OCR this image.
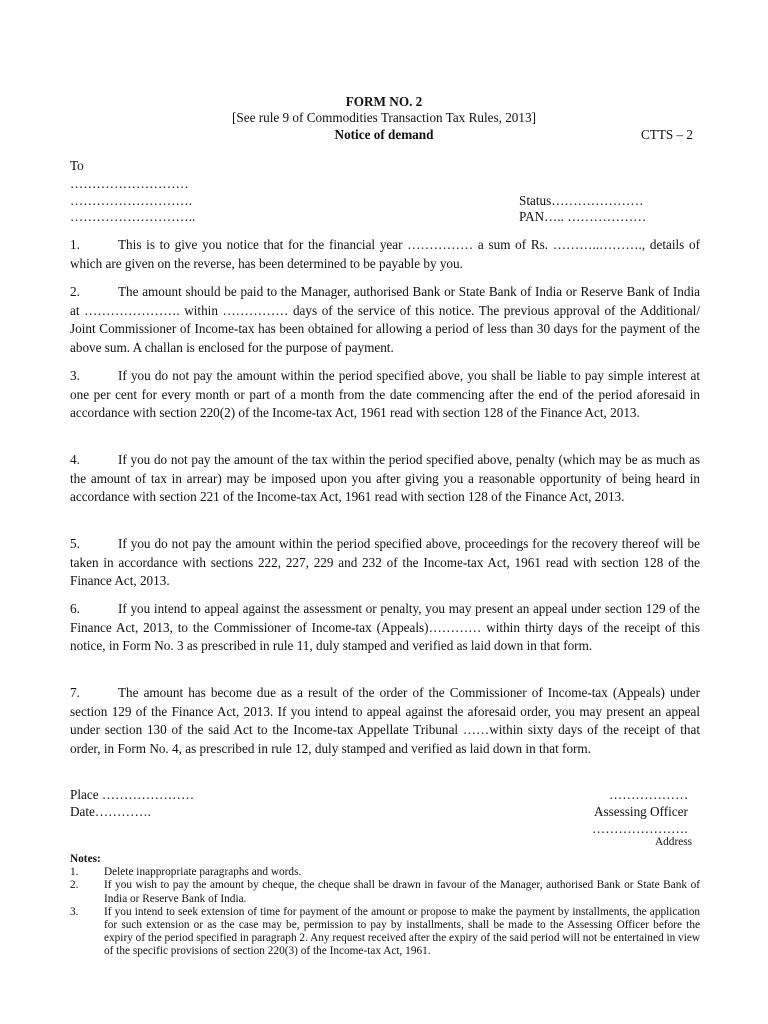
FORM NO. 2
[See rule 9 of Commodities Transaction Tax Rules, 2013]
Notice of demand	CTTS – 2
To
………………………
……………………….
………………………..
Status…………………
PAN….. ………………
1.	This is to give you notice that for the financial year …………… a sum of Rs. ………..………., details of which are given on the reverse, has been determined to be payable by you.
2.	The amount should be paid to the Manager, authorised Bank or State Bank of India or Reserve Bank of India at …………………. within …………… days of the service of this notice. The previous approval of the Additional/ Joint Commissioner of Income-tax has been obtained for allowing a period of less than 30 days for the payment of the above sum. A challan is enclosed for the purpose of payment.
3.	If you do not pay the amount within the period specified above, you shall be liable to pay simple interest at one per cent for every month or part of a month from the date commencing after the end of the period aforesaid in accordance with section 220(2) of the Income-tax Act, 1961 read with section 128 of the Finance Act, 2013.
4.	If you do not pay the amount of the tax within the period specified above, penalty (which may be as much as the amount of tax in arrear) may be imposed upon you after giving you a reasonable opportunity of being heard in accordance with section 221 of the Income-tax Act, 1961 read with section 128 of the Finance Act, 2013.
5.	If you do not pay the amount within the period specified above, proceedings for the recovery thereof will be taken in accordance with sections 222, 227, 229 and 232 of the Income-tax Act, 1961 read with section 128 of the Finance Act, 2013.
6.	If you intend to appeal against the assessment or penalty, you may present an appeal under section 129 of the Finance Act, 2013, to the Commissioner of Income-tax (Appeals)………… within thirty days of the receipt of this notice, in Form No. 3 as prescribed in rule 11, duly stamped and verified as laid down in that form.
7.	The amount has become due as a result of the order of the Commissioner of Income-tax (Appeals) under section 129 of the Finance Act, 2013. If you intend to appeal against the aforesaid order, you may present an appeal under section 130 of the said Act to the Income-tax Appellate Tribunal ……within sixty days of the receipt of that order, in Form No. 4, as prescribed in rule 12, duly stamped and verified as laid down in that form.
Place …………………
Date………….
………………
Assessing Officer
………………….
Address
Notes:
1. Delete inappropriate paragraphs and words.
2. If you wish to pay the amount by cheque, the cheque shall be drawn in favour of the Manager, authorised Bank or State Bank of India or Reserve Bank of India.
3. If you intend to seek extension of time for payment of the amount or propose to make the payment by installments, the application for such extension or as the case may be, permission to pay by installments, shall be made to the Assessing Officer before the expiry of the period specified in paragraph 2. Any request received after the expiry of the said period will not be entertained in view of the specific provisions of section 220(3) of the Income-tax Act, 1961.
